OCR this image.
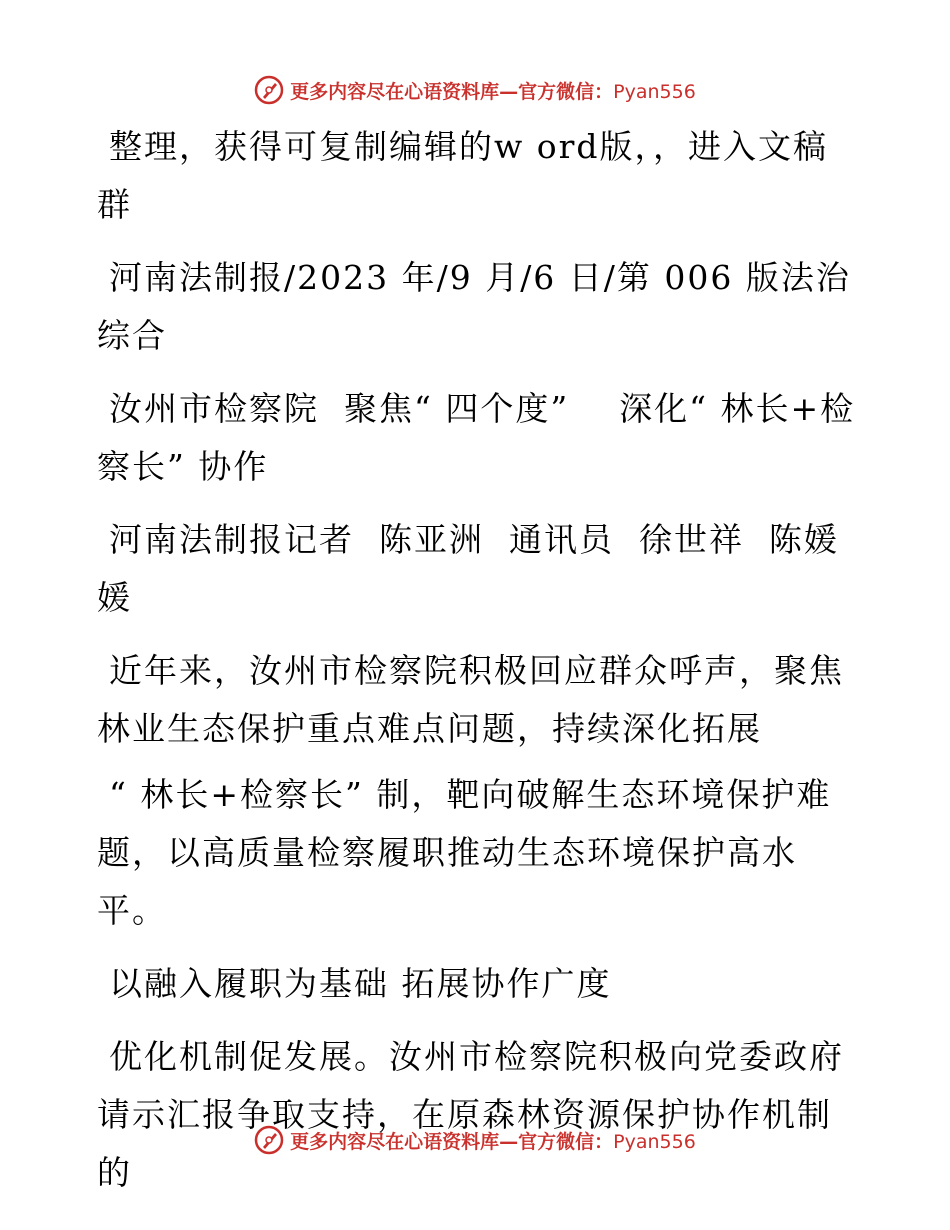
更多内容尽在心语资料库—官方微信：Pyan556

整理，获得可复制编辑的w ord版，，进入文稿群

河南法制报/2023 年/9 月/6 日/第 006 版法治综合

汝州市检察院  聚焦“ 四个度”    深化“ 林长+检察长” 协作

河南法制报记者  陈亚洲  通讯员  徐世祥  陈媛媛

近年来，汝州市检察院积极回应群众呼声，聚焦林业生态保护重点难点问题，持续深化拓展

“ 林长+检察长” 制，靶向破解生态环境保护难题，以高质量检察履职推动生态环境保护高水平。

以融入履职为基础 拓展协作广度

优化机制促发展。汝州市检察院积极向党委政府请示汇报争取支持，在原森林资源保护协作机制的

更多内容尽在心语资料库—官方微信：Pyan556
